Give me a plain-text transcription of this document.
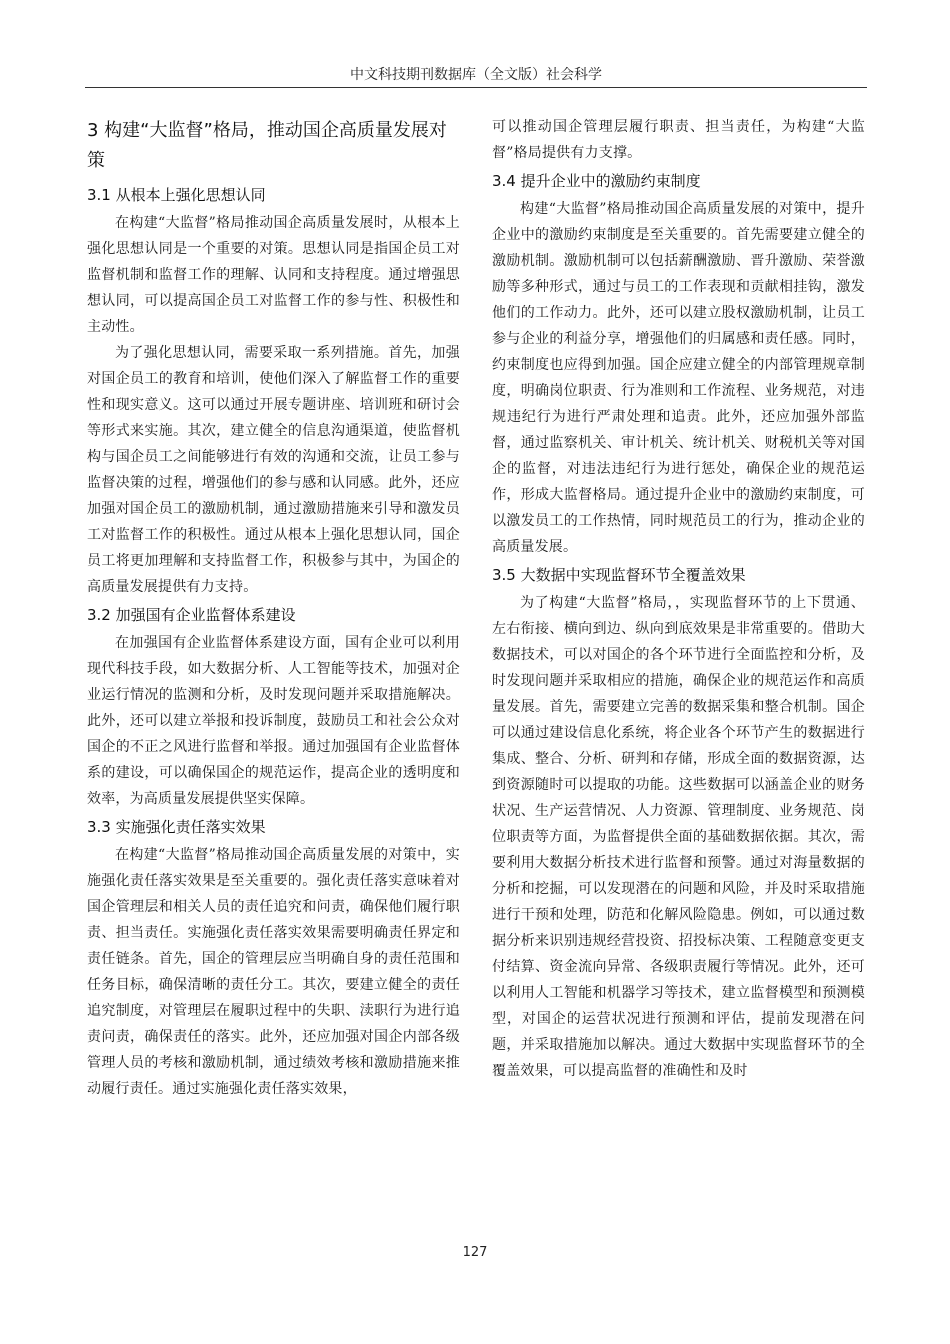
中文科技期刊数据库（全文版）社会科学
3 构建“大监督”格局，推动国企高质量发展对策
3.1 从根本上强化思想认同

在构建“大监督”格局推动国企高质量发展时，从根本上强化思想认同是一个重要的对策。思想认同是指国企员工对监督机制和监督工作的理解、认同和支持程度。通过增强思想认同，可以提高国企员工对监督工作的参与性、积极性和主动性。

为了强化思想认同，需要采取一系列措施。首先，加强对国企员工的教育和培训，使他们深入了解监督工作的重要性和现实意义。这可以通过开展专题讲座、培训班和研讨会等形式来实施。其次，建立健全的信息沟通渠道，使监督机构与国企员工之间能够进行有效的沟通和交流，让员工参与监督决策的过程，增强他们的参与感和认同感。此外，还应加强对国企员工的激励机制，通过激励措施来引导和激发员工对监督工作的积极性。通过从根本上强化思想认同，国企员工将更加理解和支持监督工作，积极参与其中，为国企的高质量发展提供有力支持。

3.2 加强国有企业监督体系建设

在加强国有企业监督体系建设方面，国有企业可以利用现代科技手段，如大数据分析、人工智能等技术，加强对企业运行情况的监测和分析，及时发现问题并采取措施解决。此外，还可以建立举报和投诉制度，鼓励员工和社会公众对国企的不正之风进行监督和举报。通过加强国有企业监督体系的建设，可以确保国企的规范运作，提高企业的透明度和效率，为高质量发展提供坚实保障。

3.3 实施强化责任落实效果

在构建“大监督”格局推动国企高质量发展的对策中，实施强化责任落实效果是至关重要的。强化责任落实意味着对国企管理层和相关人员的责任追究和问责，确保他们履行职责、担当责任。实施强化责任落实效果需要明确责任界定和责任链条。首先，国企的管理层应当明确自身的责任范围和任务目标，确保清晰的责任分工。其次，要建立健全的责任追究制度，对管理层在履职过程中的失职、渎职行为进行追责问责，确保责任的落实。此外，还应加强对国企内部各级管理人员的考核和激励机制，通过绩效考核和激励措施来推动履行责任。通过实施强化责任落实效果，

可以推动国企管理层履行职责、担当责任，为构建“大监督”格局提供有力支撑。

3.4 提升企业中的激励约束制度

构建“大监督”格局推动国企高质量发展的对策中，提升企业中的激励约束制度是至关重要的。首先需要建立健全的激励机制。激励机制可以包括薪酬激励、晋升激励、荣誉激励等多种形式，通过与员工的工作表现和贡献相挂钩，激发他们的工作动力。此外，还可以建立股权激励机制，让员工参与企业的利益分享，增强他们的归属感和责任感。同时，约束制度也应得到加强。国企应建立健全的内部管理规章制度，明确岗位职责、行为准则和工作流程、业务规范，对违规违纪行为进行严肃处理和追责。此外，还应加强外部监督，通过监察机关、审计机关、统计机关、财税机关等对国企的监督，对违法违纪行为进行惩处，确保企业的规范运作，形成大监督格局。通过提升企业中的激励约束制度，可以激发员工的工作热情，同时规范员工的行为，推动企业的高质量发展。

3.5 大数据中实现监督环节全覆盖效果

为了构建“大监督”格局，，实现监督环节的上下贯通、左右衔接、横向到边、纵向到底效果是非常重要的。借助大数据技术，可以对国企的各个环节进行全面监控和分析，及时发现问题并采取相应的措施，确保企业的规范运作和高质量发展。首先，需要建立完善的数据采集和整合机制。国企可以通过建设信息化系统，将企业各个环节产生的数据进行集成、整合、分析、研判和存储，形成全面的数据资源，达到资源随时可以提取的功能。这些数据可以涵盖企业的财务状况、生产运营情况、人力资源、管理制度、业务规范、岗位职责等方面，为监督提供全面的基础数据依据。其次，需要利用大数据分析技术进行监督和预警。通过对海量数据的分析和挖掘，可以发现潜在的问题和风险，并及时采取措施进行干预和处理，防范和化解风险隐患。例如，可以通过数据分析来识别违规经营投资、招投标决策、工程随意变更支付结算、资金流向异常、各级职责履行等情况。此外，还可以利用人工智能和机器学习等技术，建立监督模型和预测模型，对国企的运营状况进行预测和评估，提前发现潜在问题，并采取措施加以解决。通过大数据中实现监督环节的全覆盖效果，可以提高监督的准确性和及时

127
